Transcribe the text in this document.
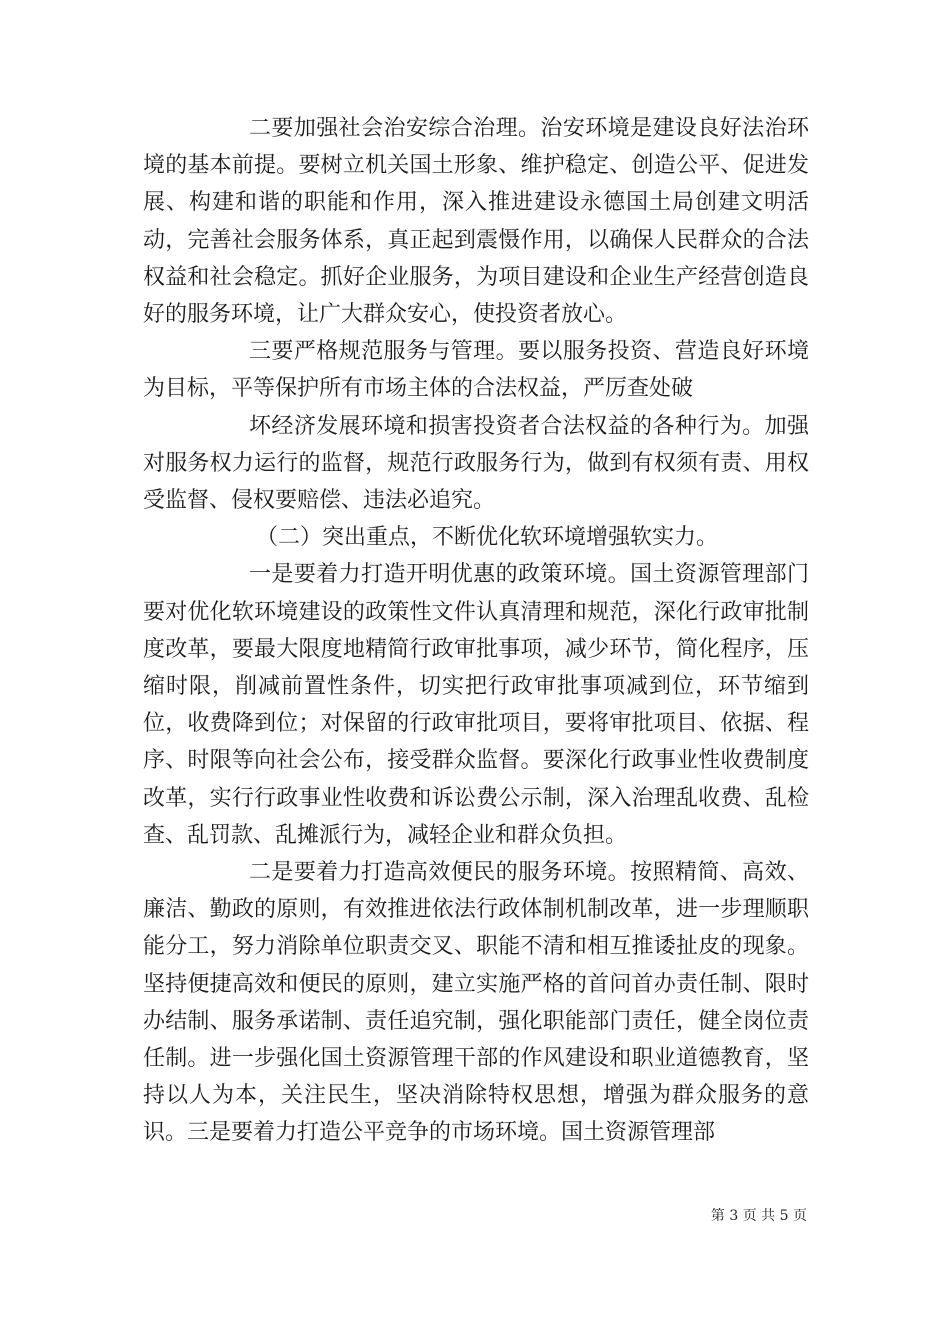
二要加强社会治安综合治理。治安环境是建设良好法治环境的基本前提。要树立机关国土形象、维护稳定、创造公平、促进发展、构建和谐的职能和作用，深入推进建设永德国土局创建文明活动，完善社会服务体系，真正起到震慑作用，以确保人民群众的合法权益和社会稳定。抓好企业服务，为项目建设和企业生产经营创造良好的服务环境，让广大群众安心，使投资者放心。

三要严格规范服务与管理。要以服务投资、营造良好环境为目标，平等保护所有市场主体的合法权益，严厉查处破

坏经济发展环境和损害投资者合法权益的各种行为。加强对服务权力运行的监督，规范行政服务行为，做到有权须有责、用权受监督、侵权要赔偿、违法必追究。

（二）突出重点，不断优化软环境增强软实力。

一是要着力打造开明优惠的政策环境。国土资源管理部门要对优化软环境建设的政策性文件认真清理和规范，深化行政审批制度改革，要最大限度地精简行政审批事项，减少环节，简化程序，压缩时限，削减前置性条件，切实把行政审批事项减到位，环节缩到位，收费降到位；对保留的行政审批项目，要将审批项目、依据、程序、时限等向社会公布，接受群众监督。要深化行政事业性收费制度改革，实行行政事业性收费和诉讼费公示制，深入治理乱收费、乱检查、乱罚款、乱摊派行为，减轻企业和群众负担。

二是要着力打造高效便民的服务环境。按照精简、高效、廉洁、勤政的原则，有效推进依法行政体制机制改革，进一步理顺职能分工，努力消除单位职责交叉、职能不清和相互推诿扯皮的现象。坚持便捷高效和便民的原则，建立实施严格的首问首办责任制、限时办结制、服务承诺制、责任追究制，强化职能部门责任，健全岗位责任制。进一步强化国土资源管理干部的作风建设和职业道德教育，坚持以人为本，关注民生，坚决消除特权思想，增强为群众服务的意识。三是要着力打造公平竞争的市场环境。国土资源管理部

第 3 页 共 5 页
